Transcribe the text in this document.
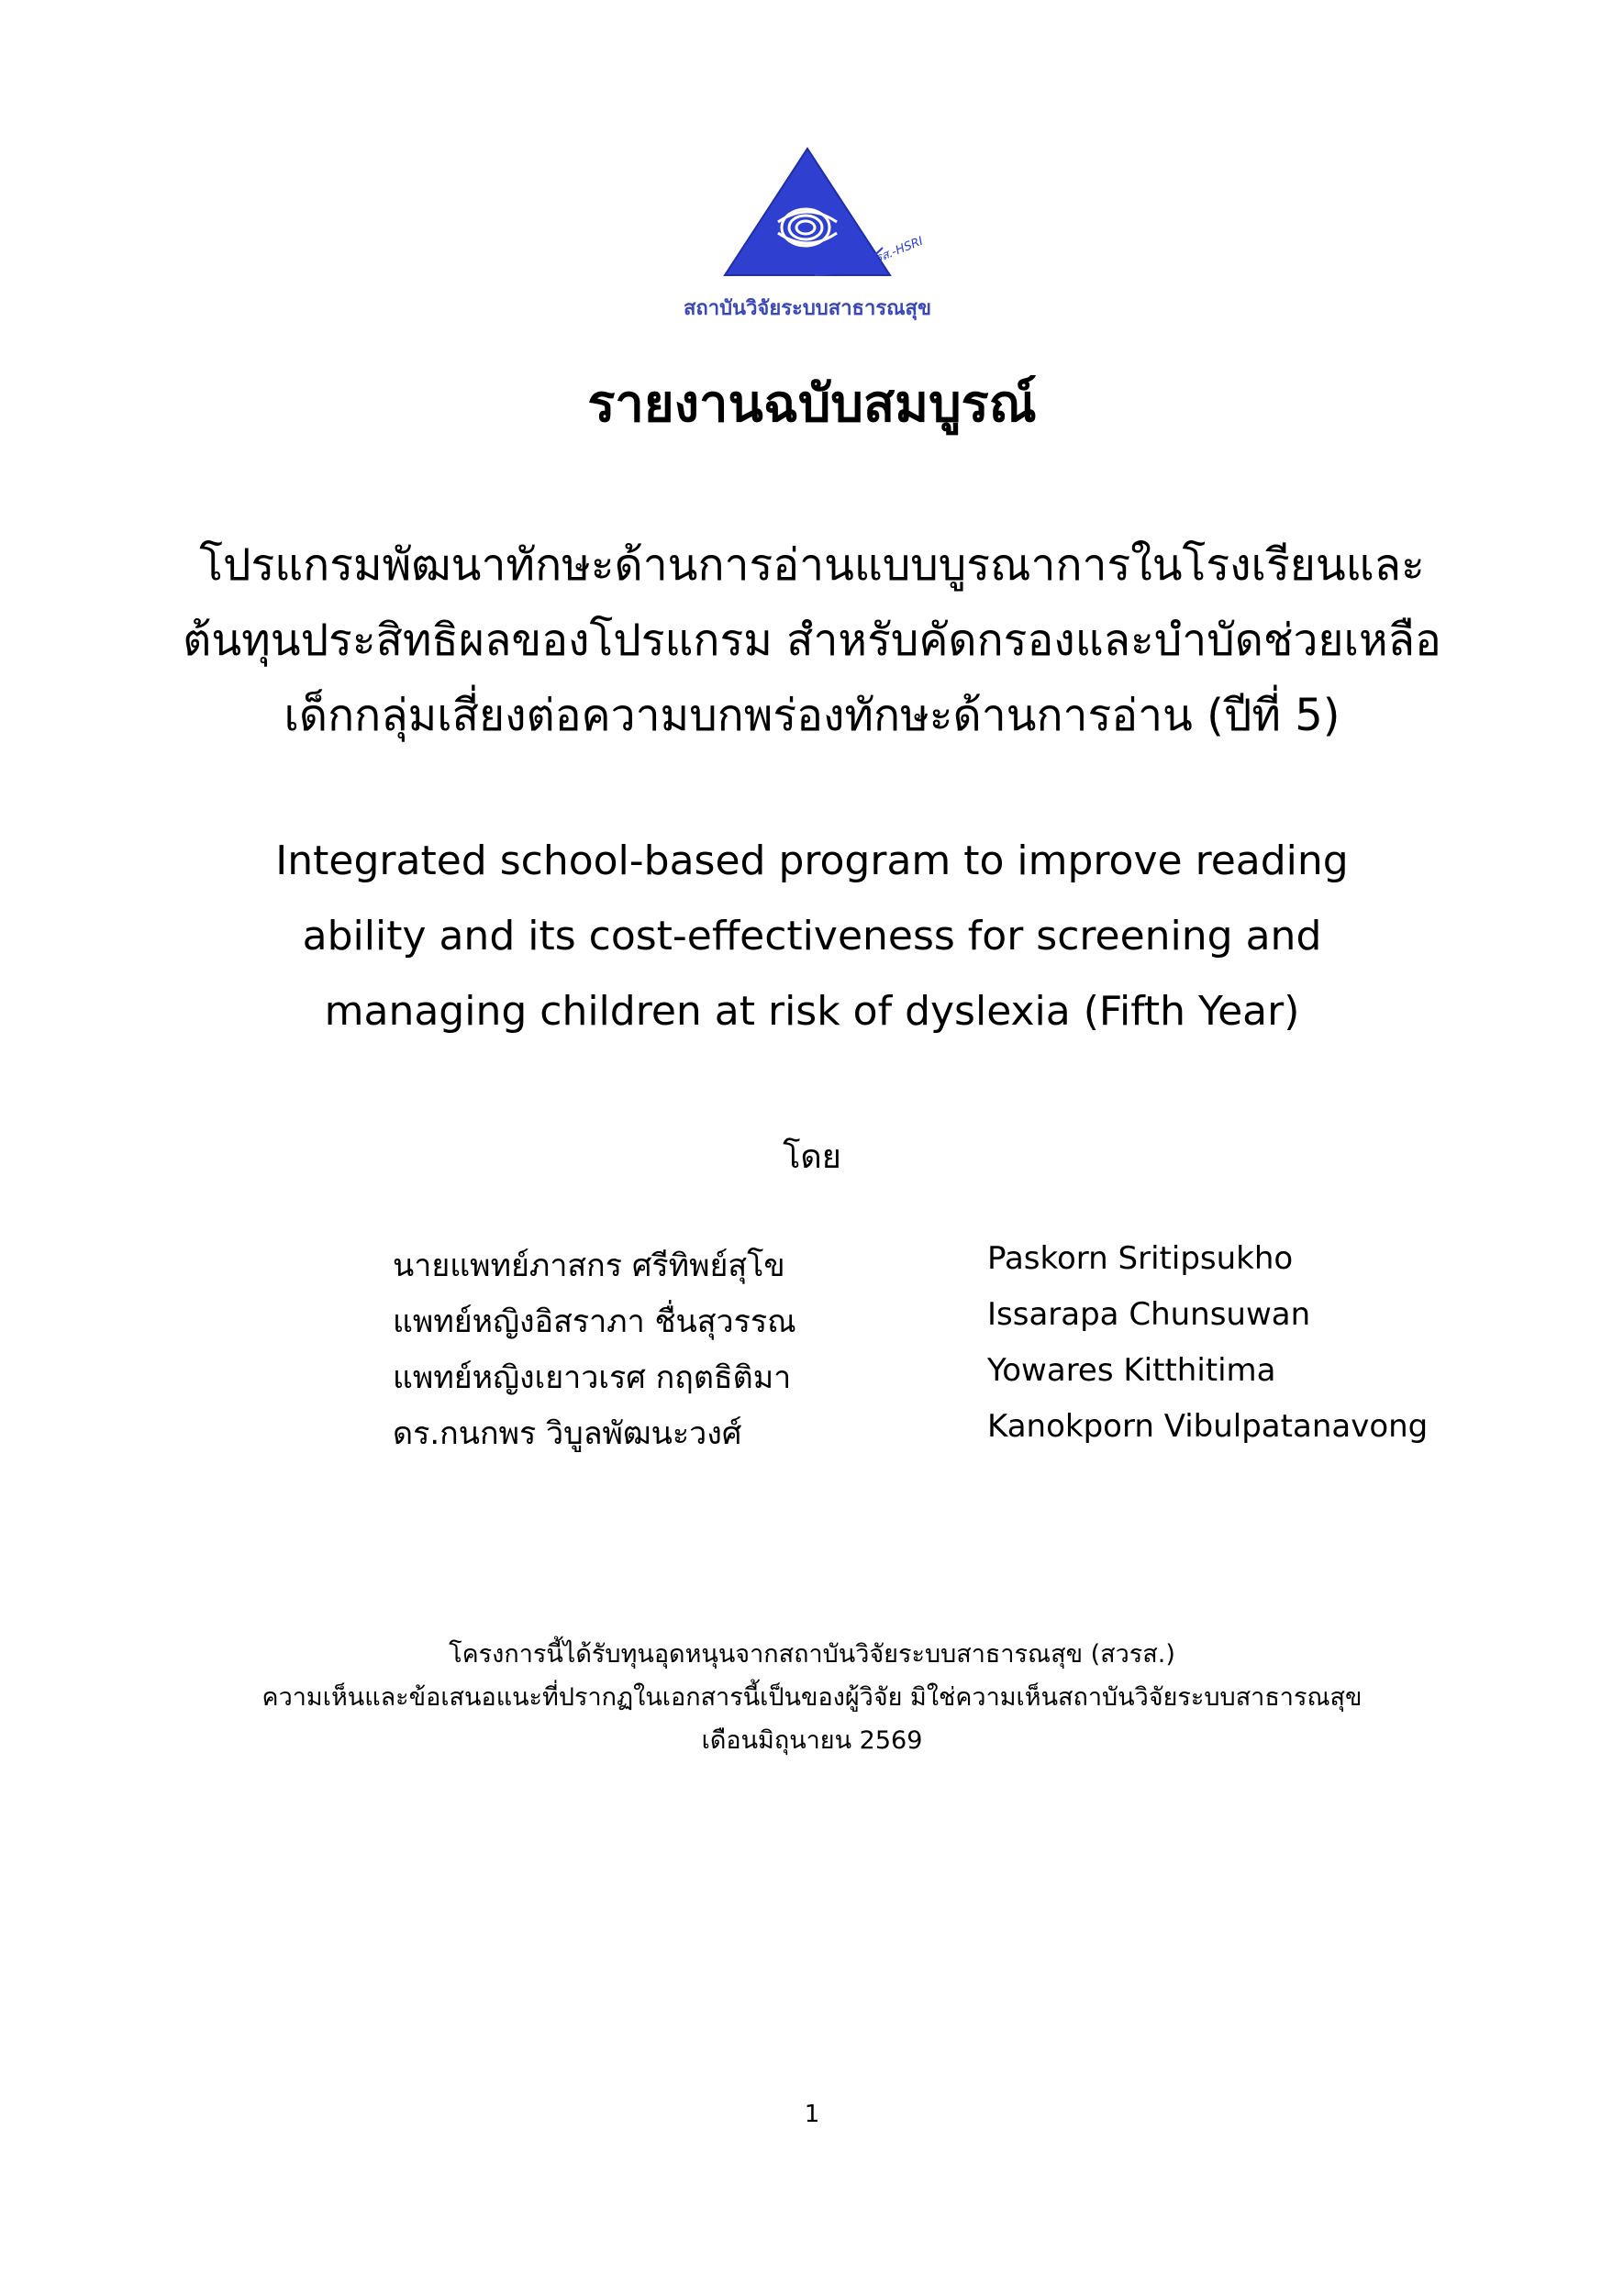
สวรส.-HSRI
สถาบันวิจัยระบบสาธารณสุข
รายงานฉบับสมบูรณ์
โปรแกรมพัฒนาทักษะด้านการอ่านแบบบูรณาการในโรงเรียนและ
ต้นทุนประสิทธิผลของโปรแกรม สำหรับคัดกรองและบำบัดช่วยเหลือ
เด็กกลุ่มเสี่ยงต่อความบกพร่องทักษะด้านการอ่าน (ปีที่ 5)
Integrated school-based program to improve reading
ability and its cost-effectiveness for screening and
managing children at risk of dyslexia (Fifth Year)
โดย
นายแพทย์ภาสกร ศรีทิพย์สุโข	Paskorn Sritipsukho
แพทย์หญิงอิสราภา ชื่นสุวรรณ	Issarapa Chunsuwan
แพทย์หญิงเยาวเรศ กฤตธิติมา	Yowares Kitthitima
ดร.กนกพร วิบูลพัฒนะวงศ์	Kanokporn Vibulpatanavong
โครงการนี้ได้รับทุนอุดหนุนจากสถาบันวิจัยระบบสาธารณสุข (สวรส.)
ความเห็นและข้อเสนอแนะที่ปรากฏในเอกสารนี้เป็นของผู้วิจัย มิใช่ความเห็นสถาบันวิจัยระบบสาธารณสุข
เดือนมิถุนายน 2569
1
